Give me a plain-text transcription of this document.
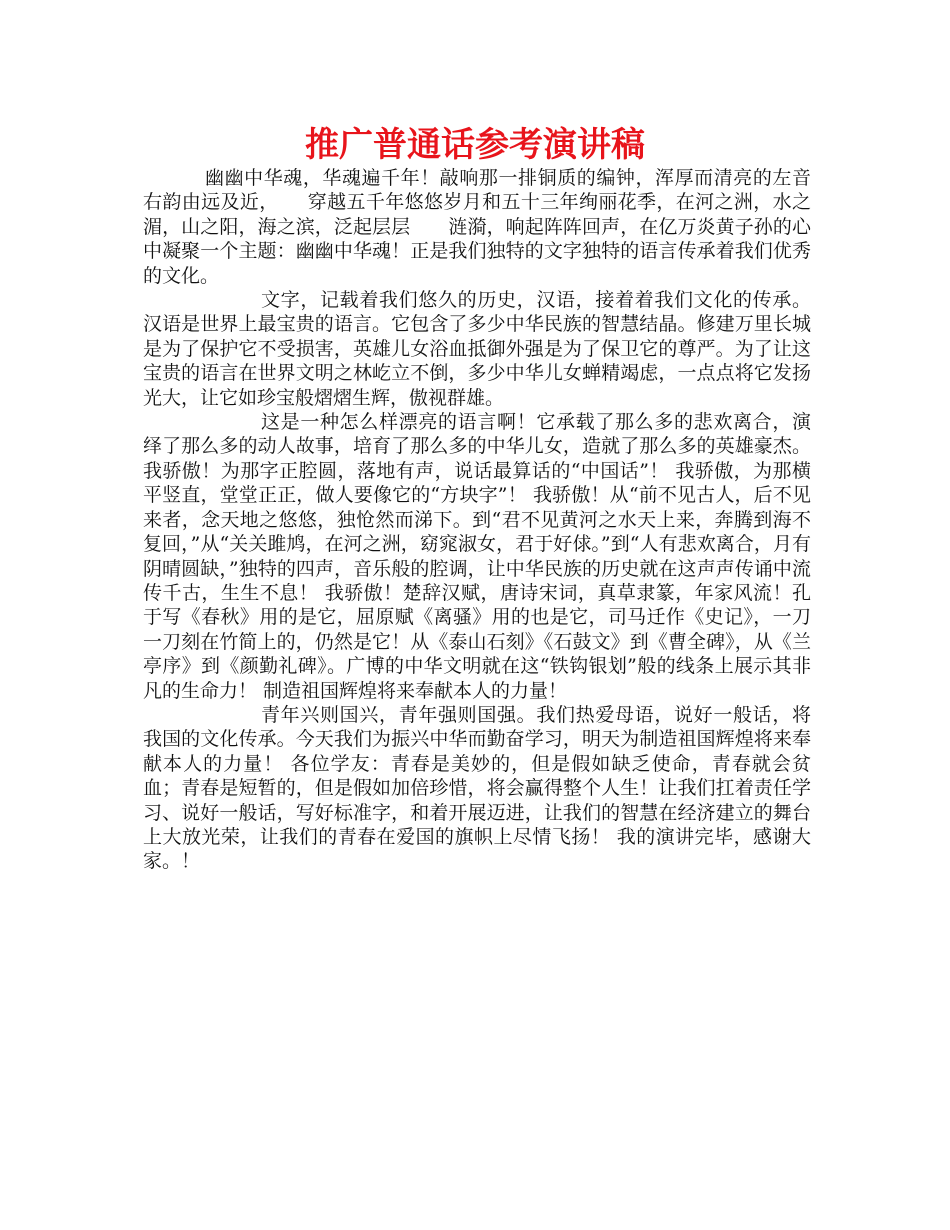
推广普通话参考演讲稿

幽幽中华魂，华魂遍千年！敲响那一排铜质的编钟，浑厚而清亮的左音右韵由远及近，　　穿越五千年悠悠岁月和五十三年绚丽花季，在河之洲，水之湄，山之阳，海之滨，泛起层层　　涟漪，响起阵阵回声，在亿万炎黄子孙的心中凝聚一个主题：幽幽中华魂！正是我们独特的文字独特的语言传承着我们优秀的文化。

文字，记载着我们悠久的历史，汉语，接着着我们文化的传承。汉语是世界上最宝贵的语言。它包含了多少中华民族的智慧结晶。修建万里长城是为了保护它不受损害，英雄儿女浴血抵御外强是为了保卫它的尊严。为了让这宝贵的语言在世界文明之林屹立不倒，多少中华儿女蝉精竭虑，一点点将它发扬光大，让它如珍宝般熠熠生辉，傲视群雄。

这是一种怎么样漂亮的语言啊！它承载了那么多的悲欢离合，演绎了那么多的动人故事，培育了那么多的中华儿女，造就了那么多的英雄豪杰。 我骄傲！为那字正腔圆，落地有声，说话最算话的“中国话”！ 我骄傲，为那横平竖直，堂堂正正，做人要像它的“方块字”！ 我骄傲！从“前不见古人，后不见来者，念天地之悠悠，独怆然而涕下。到“君不见黄河之水天上来，奔腾到海不复回，”从“关关雎鸠，在河之洲，窈窕淑女，君于好俅。”到“人有悲欢离合，月有阴晴圆缺，”独特的四声，音乐般的腔调，让中华民族的历史就在这声声传诵中流传千古，生生不息！ 我骄傲！楚辞汉赋，唐诗宋词，真草隶篆，年家风流！孔于写《春秋》用的是它，屈原赋《离骚》用的也是它，司马迁作《史记》，一刀一刀刻在竹简上的，仍然是它！从《泰山石刻》《石鼓文》到《曹全碑》，从《兰亭序》到《颜勤礼碑》。广博的中华文明就在这“铁钩银划”般的线条上展示其非凡的生命力！ 制造祖国辉煌将来奉献本人的力量！

青年兴则国兴，青年强则国强。我们热爱母语，说好一般话，将我国的文化传承。今天我们为振兴中华而勤奋学习，明天为制造祖国辉煌将来奉献本人的力量！ 各位学友：青春是美妙的，但是假如缺乏使命，青春就会贫血；青春是短暂的，但是假如加倍珍惜，将会赢得整个人生！让我们扛着责任学习、说好一般话，写好标准字，和着开展迈进，让我们的智慧在经济建立的舞台上大放光荣，让我们的青春在爱国的旗帜上尽情飞扬！ 我的演讲完毕，感谢大家。！
